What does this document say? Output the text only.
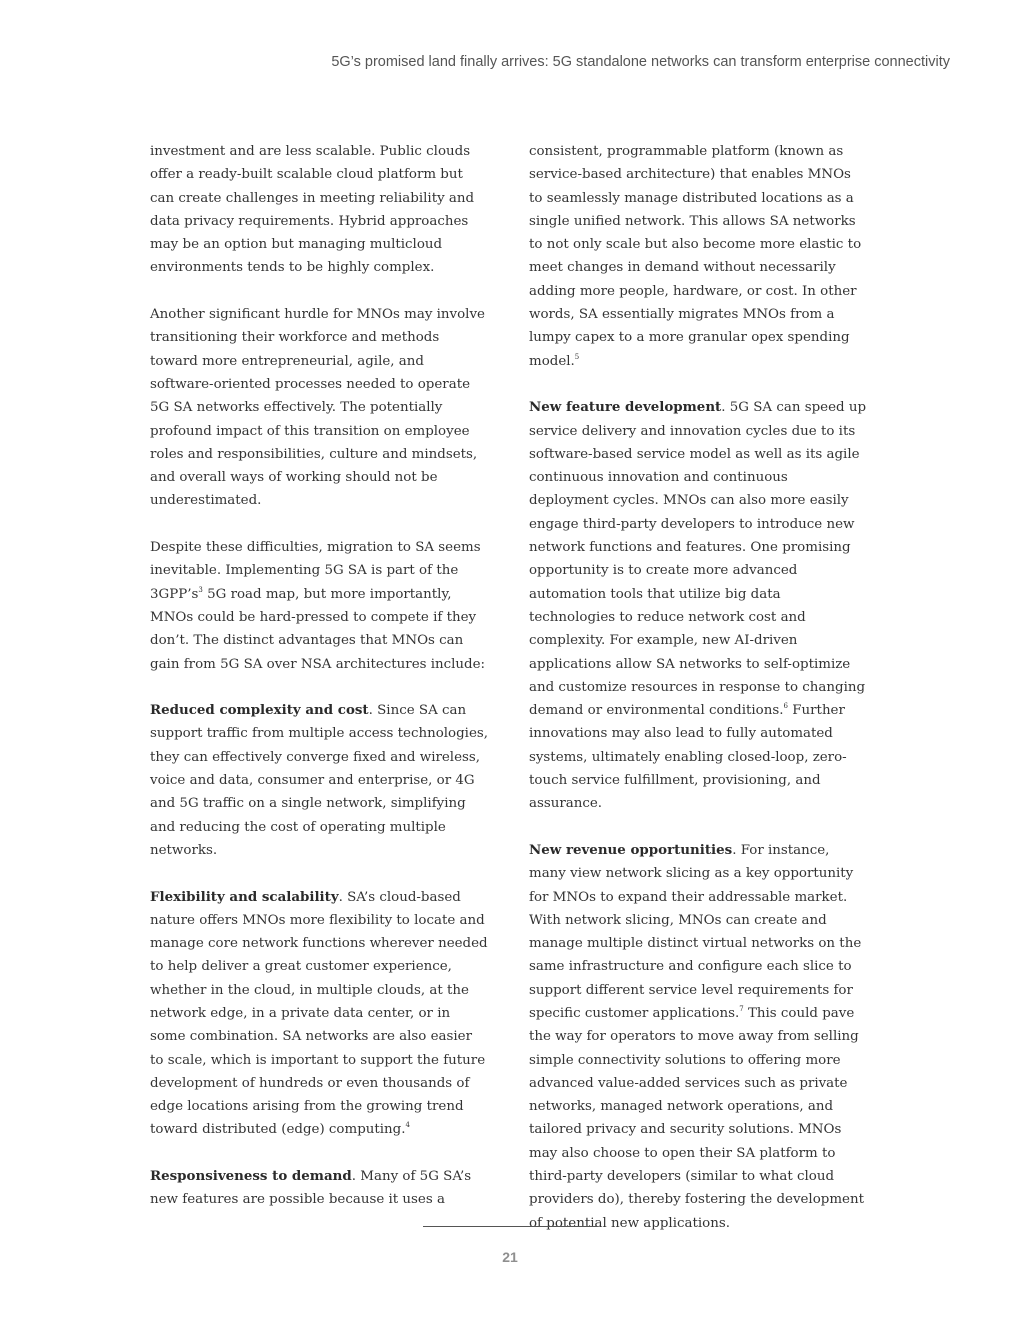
5G’s promised land finally arrives: 5G standalone networks can transform enterprise connectivity

investment and are less scalable. Public clouds offer a ready-built scalable cloud platform but can create challenges in meeting reliability and data privacy requirements. Hybrid approaches may be an option but managing multicloud environments tends to be highly complex.

Another significant hurdle for MNOs may involve transitioning their workforce and methods toward more entrepreneurial, agile, and software-oriented processes needed to operate 5G SA networks effectively. The potentially profound impact of this transition on employee roles and responsibilities, culture and mindsets, and overall ways of working should not be underestimated.

Despite these difficulties, migration to SA seems inevitable. Implementing 5G SA is part of the $3GPP’s^3$ 5G road map, but more importantly, MNOs could be hard-pressed to compete if they don’t. The distinct advantages that MNOs can gain from 5G SA over NSA architectures include:

Reduced complexity and cost. Since SA can support traffic from multiple access technologies, they can effectively converge fixed and wireless, voice and data, consumer and enterprise, or 4G and 5G traffic on a single network, simplifying and reducing the cost of operating multiple networks.

Flexibility and scalability. SA’s cloud-based nature offers MNOs more flexibility to locate and manage core network functions wherever needed to help deliver a great customer experience, whether in the cloud, in multiple clouds, at the network edge, in a private data center, or in some combination. SA networks are also easier to scale, which is important to support the future development of hundreds or even thousands of edge locations arising from the growing trend toward distributed (edge) computing.$^4$

Responsiveness to demand. Many of 5G SA’s new features are possible because it uses a

consistent, programmable platform (known as service-based architecture) that enables MNOs to seamlessly manage distributed locations as a single unified network. This allows SA networks to not only scale but also become more elastic to meet changes in demand without necessarily adding more people, hardware, or cost. In other words, SA essentially migrates MNOs from a lumpy capex to a more granular opex spending model.$^5$

New feature development. 5G SA can speed up service delivery and innovation cycles due to its software-based service model as well as its agile continuous innovation and continuous deployment cycles. MNOs can also more easily engage third-party developers to introduce new network functions and features. One promising opportunity is to create more advanced automation tools that utilize big data technologies to reduce network cost and complexity. For example, new AI-driven applications allow SA networks to self-optimize and customize resources in response to changing demand or environmental conditions.$^6$ Further innovations may also lead to fully automated systems, ultimately enabling closed-loop, zero-touch service fulfillment, provisioning, and assurance.

New revenue opportunities. For instance, many view network slicing as a key opportunity for MNOs to expand their addressable market. With network slicing, MNOs can create and manage multiple distinct virtual networks on the same infrastructure and configure each slice to support different service level requirements for specific customer applications.$^7$ This could pave the way for operators to move away from selling simple connectivity solutions to offering more advanced value-added services such as private networks, managed network operations, and tailored privacy and security solutions. MNOs may also choose to open their SA platform to third-party developers (similar to what cloud providers do), thereby fostering the development of potential new applications.

21
